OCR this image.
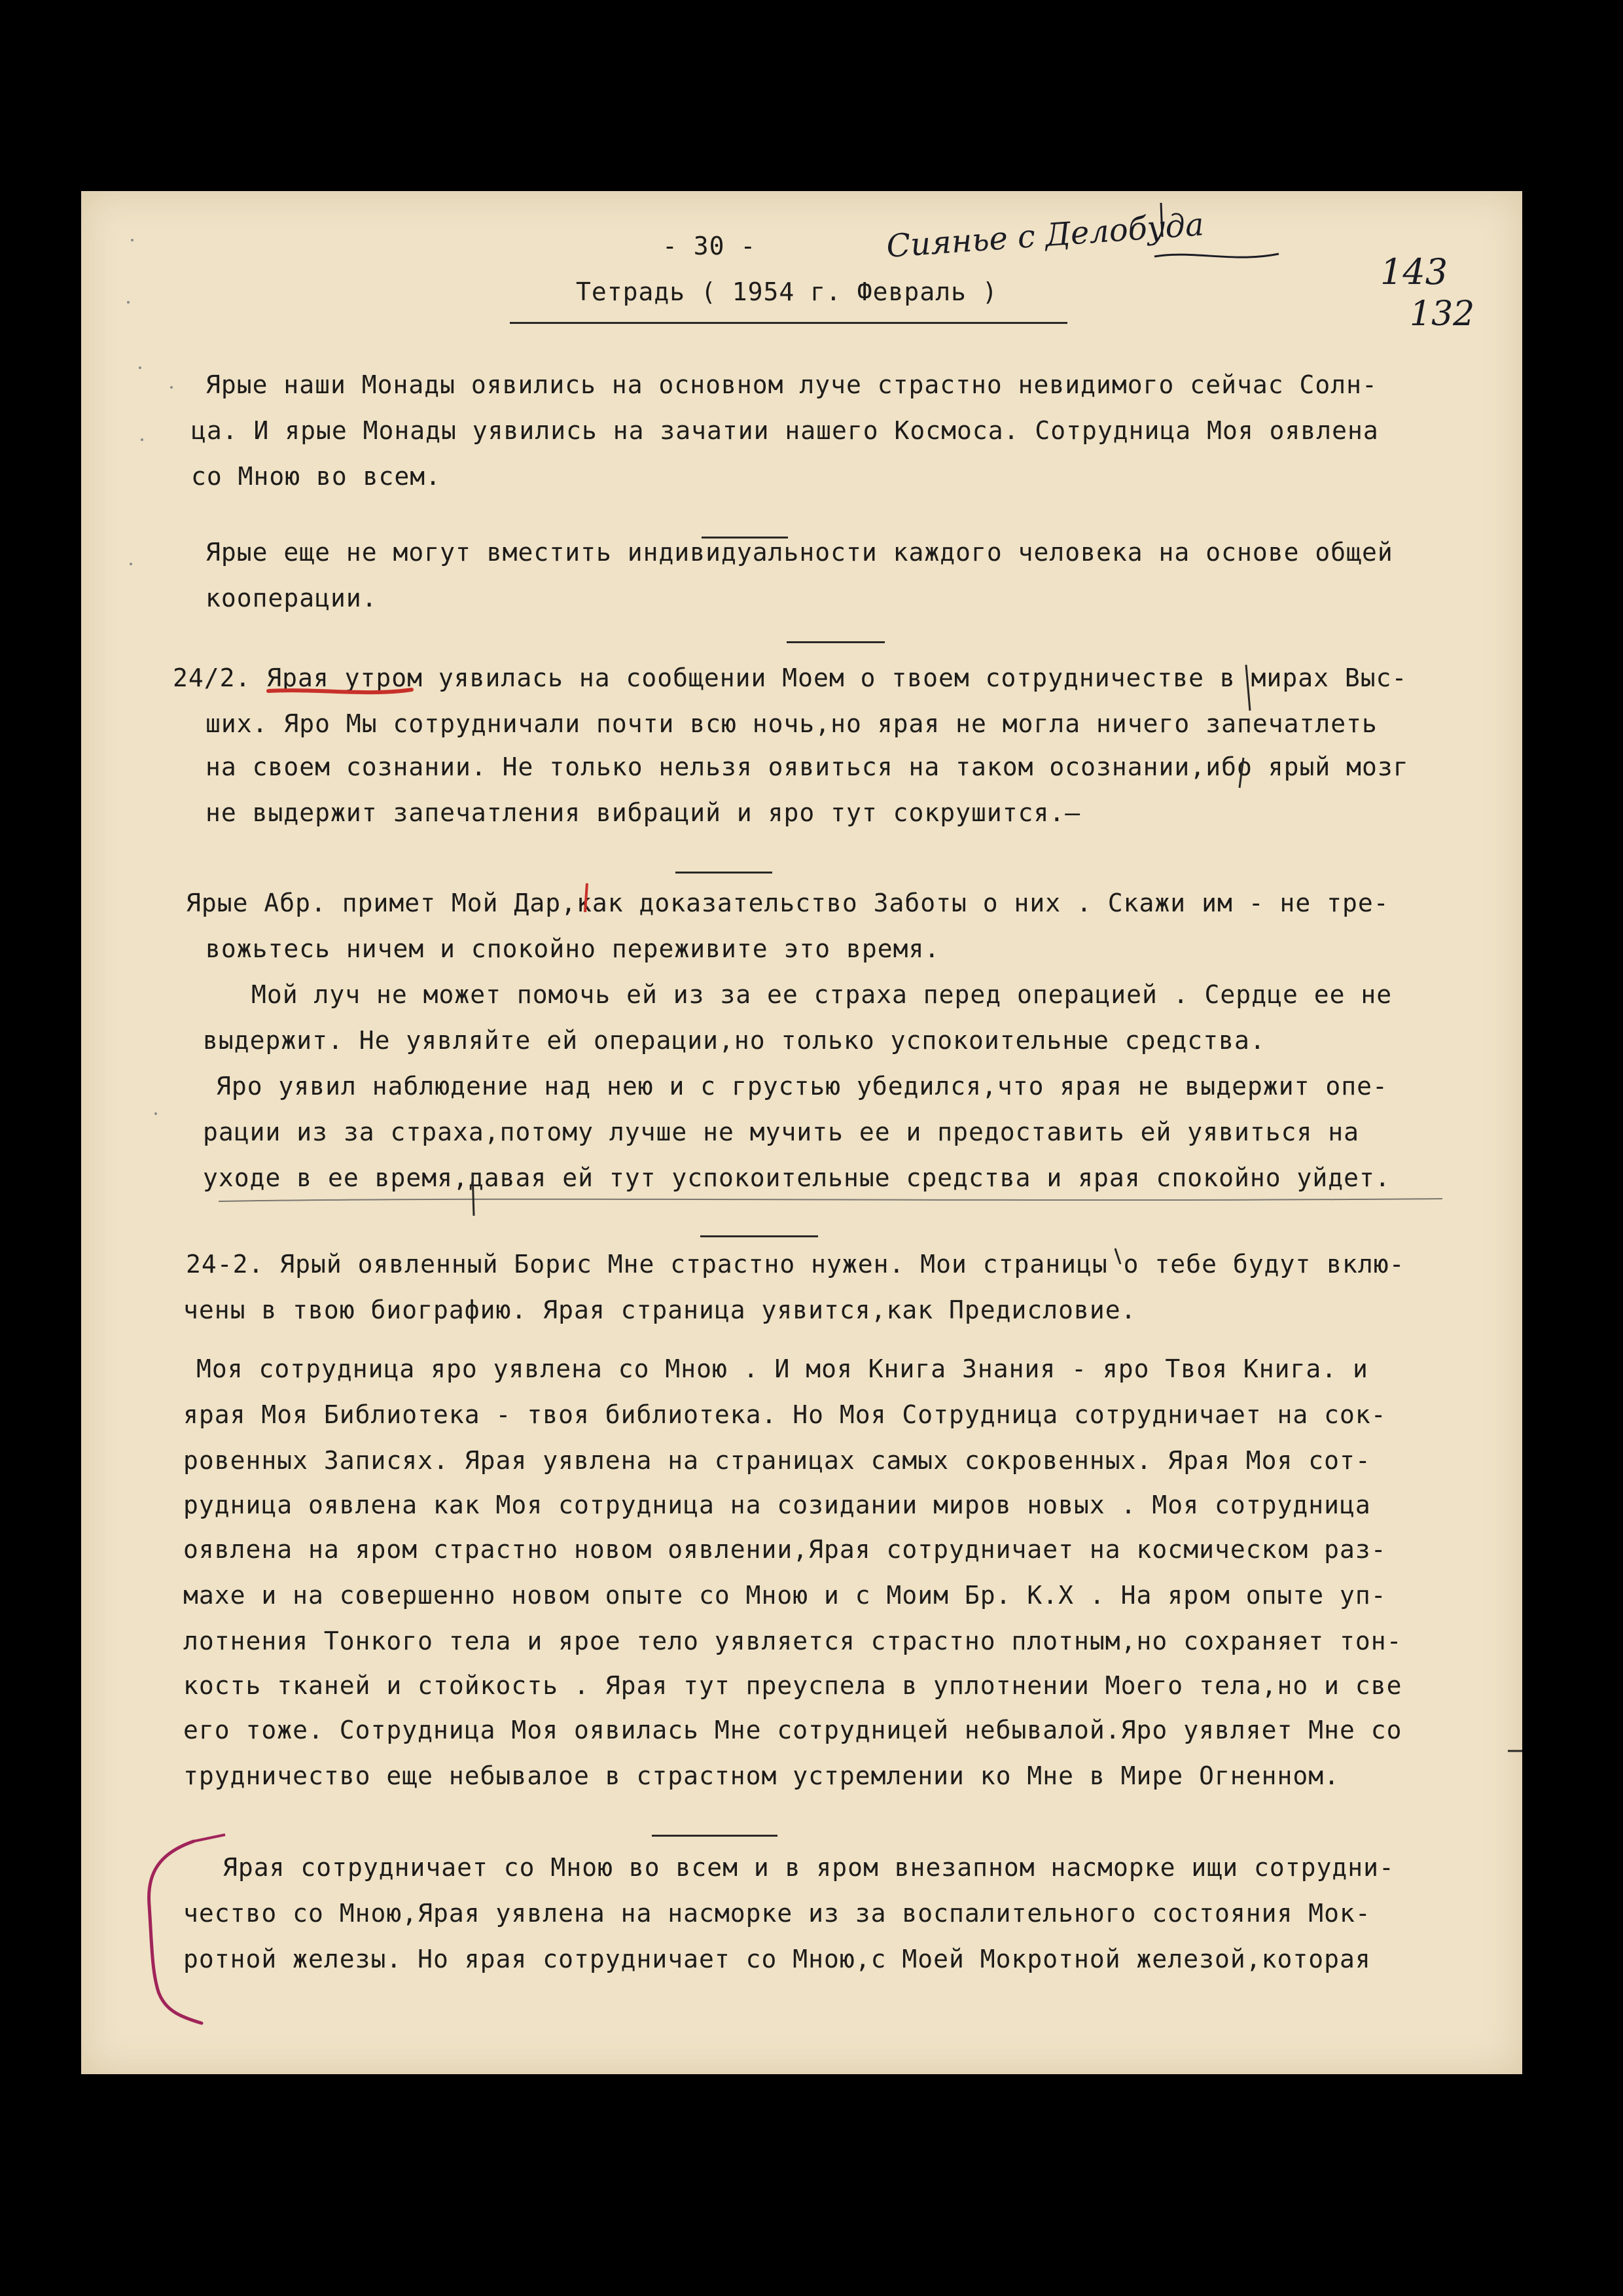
- 30 -	Сиянье с Делобуда
143
132
Тетрадь ( 1954 г. Февраль )
Ярые наши Монады оявились на основном луче страстно невидимого сейчас Солн-
ца. И ярые Монады уявились на зачатии нашего Космоса. Сотрудница Моя оявлена
со Мною во всем.
Ярые еще не могут вместить индивидуальности каждого человека на основе общей
кооперации.
24/2. Ярая утром уявилась на сообщении Моем о твоем сотрудничестве в мирах Выс-
ших. Яро Мы сотрудничали почти всю ночь,но ярая не могла ничего запечатлеть
на своем сознании. Не только нельзя оявиться на таком осознании,ибо ярый мозг
не выдержит запечатления вибраций и яро тут сокрушится.—
Ярые Абр. примет Мой Дар,как доказательство Заботы о них . Скажи им - не тре-
вожьтесь ничем и спокойно переживите это время.
Мой луч не может помочь ей из за ее страха перед операцией . Сердце ее не
выдержит. Не уявляйте ей операции,но только успокоительные средства.
Яро уявил наблюдение над нею и с грустью убедился,что ярая не выдержит опе-
рации из за страха,потому лучше не мучить ее и предоставить ей уявиться на
уходе в ее время,давая ей тут успокоительные средства и ярая спокойно уйдет.
24-2. Ярый оявленный Борис Мне страстно нужен. Мои страницы о тебе будут вклю-
чены в твою биографию. Ярая страница уявится,как Предисловие.
Моя сотрудница яро уявлена со Мною . И моя Книга Знания - яро Твоя Книга. и
ярая Моя Библиотека - твоя библиотека. Но Моя Сотрудница сотрудничает на сок-
ровенных Записях. Ярая уявлена на страницах самых сокровенных. Ярая Моя сот-
рудница оявлена как Моя сотрудница на созидании миров новых . Моя сотрудница
оявлена на яром страстно новом оявлении,Ярая сотрудничает на космическом раз-
махе и на совершенно новом опыте со Мною и с Моим Бр. К.Х . На яром опыте уп-
лотнения Тонкого тела и ярое тело уявляется страстно плотным,но сохраняет тон-
кость тканей и стойкость . Ярая тут преуспела в уплотнении Моего тела,но и све
его тоже. Сотрудница Моя оявилась Мне сотрудницей небывалой.Яро уявляет Мне со
трудничество еще небывалое в страстном устремлении ко Мне в Мире Огненном.
Ярая сотрудничает со Мною во всем и в яром внезапном насморке ищи сотрудни-
чество со Мною,Ярая уявлена на насморке из за воспалительного состояния Мок-
ротной железы. Но ярая сотрудничает со Мною,с Моей Мокротной железой,которая
